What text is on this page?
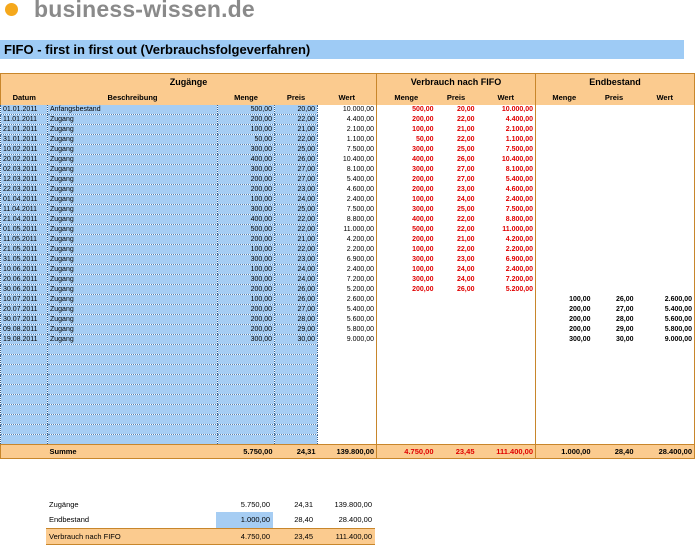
business-wissen.de
FIFO - first in first out (Verbrauchsfolgeverfahren)
Zugänge					Verbrauch nach FIFO			Endbestand		
Datum	Beschreibung	Menge	Preis	Wert	Menge	Preis	Wert	Menge	Preis	Wert
01.01.2011	Anfangsbestand	500,00	20,00	10.000,00	500,00	20,00	10.000,00			
11.01.2011	Zugang	200,00	22,00	4.400,00	200,00	22,00	4.400,00			
21.01.2011	Zugang	100,00	21,00	2.100,00	100,00	21,00	2.100,00			
31.01.2011	Zugang	50,00	22,00	1.100,00	50,00	22,00	1.100,00			
10.02.2011	Zugang	300,00	25,00	7.500,00	300,00	25,00	7.500,00			
20.02.2011	Zugang	400,00	26,00	10.400,00	400,00	26,00	10.400,00			
02.03.2011	Zugang	300,00	27,00	8.100,00	300,00	27,00	8.100,00			
12.03.2011	Zugang	200,00	27,00	5.400,00	200,00	27,00	5.400,00			
22.03.2011	Zugang	200,00	23,00	4.600,00	200,00	23,00	4.600,00			
01.04.2011	Zugang	100,00	24,00	2.400,00	100,00	24,00	2.400,00			
11.04.2011	Zugang	300,00	25,00	7.500,00	300,00	25,00	7.500,00			
21.04.2011	Zugang	400,00	22,00	8.800,00	400,00	22,00	8.800,00			
01.05.2011	Zugang	500,00	22,00	11.000,00	500,00	22,00	11.000,00			
11.05.2011	Zugang	200,00	21,00	4.200,00	200,00	21,00	4.200,00			
21.05.2011	Zugang	100,00	22,00	2.200,00	100,00	22,00	2.200,00			
31.05.2011	Zugang	300,00	23,00	6.900,00	300,00	23,00	6.900,00			
10.06.2011	Zugang	100,00	24,00	2.400,00	100,00	24,00	2.400,00			
20.06.2011	Zugang	300,00	24,00	7.200,00	300,00	24,00	7.200,00			
30.06.2011	Zugang	200,00	26,00	5.200,00	200,00	26,00	5.200,00			
10.07.2011	Zugang	100,00	26,00	2.600,00				100,00	26,00	2.600,00
20.07.2011	Zugang	200,00	27,00	5.400,00				200,00	27,00	5.400,00
30.07.2011	Zugang	200,00	28,00	5.600,00				200,00	28,00	5.600,00
09.08.2011	Zugang	200,00	29,00	5.800,00				200,00	29,00	5.800,00
19.08.2011	Zugang	300,00	30,00	9.000,00				300,00	30,00	9.000,00

	Summe	5.750,00	24,31	139.800,00	4.750,00	23,45	111.400,00	1.000,00	28,40	28.400,00
Zugänge	5.750,00	24,31	139.800,00
Endbestand	1.000,00	28,40	28.400,00
Verbrauch nach FIFO	4.750,00	23,45	111.400,00
